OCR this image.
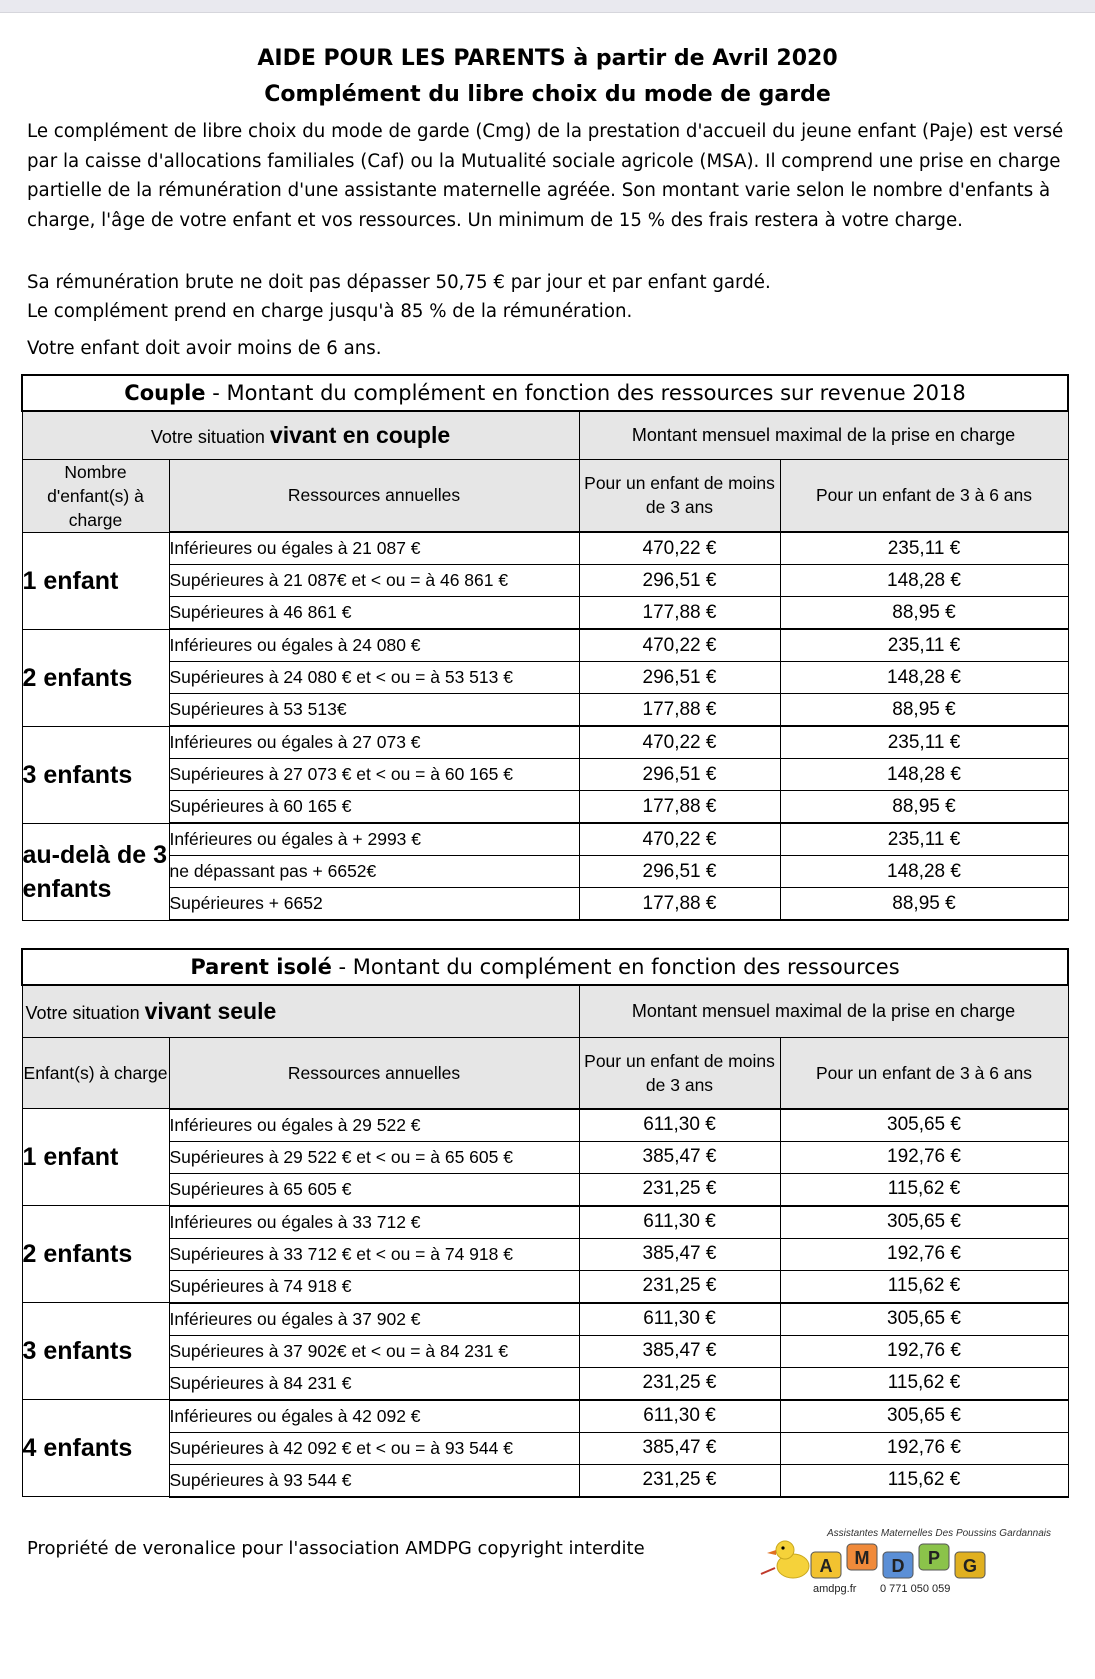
AIDE POUR LES PARENTS à partir de Avril 2020
Complément du libre choix du mode de garde

Le complément de libre choix du mode de garde (Cmg) de la prestation d'accueil du jeune enfant (Paje) est versé par la caisse d'allocations familiales (Caf) ou la Mutualité sociale agricole (MSA). Il comprend une prise en charge partielle de la rémunération d'une assistante maternelle agréée. Son montant varie selon le nombre d'enfants à charge, l'âge de votre enfant et vos ressources. Un minimum de 15 % des frais restera à votre charge.

Sa rémunération brute ne doit pas dépasser 50,75 € par jour et par enfant gardé.
Le complément prend en charge jusqu'à 85 % de la rémunération.
Votre enfant doit avoir moins de 6 ans.
Couple - Montant du complément en fonction des ressources sur revenue 2018			
Votre situation vivant en couple		Montant mensuel maximal de la prise en charge	
Nombre d'enfant(s) à charge	Ressources annuelles	Pour un enfant de moins de 3 ans	Pour un enfant de 3 à 6 ans
1 enfant	Inférieures ou égales à 21 087 €	470,22 €	235,11 €
	Supérieures à 21 087€ et < ou = à 46 861 €	296,51 €	148,28 €
	Supérieures à 46 861 €	177,88 €	88,95 €
2 enfants	Inférieures ou égales à 24 080 €	470,22 €	235,11 €
	Supérieures à 24 080 € et < ou = à 53 513 €	296,51 €	148,28 €
	Supérieures à 53 513€	177,88 €	88,95 €
3 enfants	Inférieures ou égales à 27 073 €	470,22 €	235,11 €
	Supérieures à 27 073 € et < ou = à 60 165 €	296,51 €	148,28 €
	Supérieures à 60 165 €	177,88 €	88,95 €
au-delà de 3 enfants	Inférieures ou égales à + 2993 €	470,22 €	235,11 €
	ne dépassant pas + 6652€	296,51 €	148,28 €
	Supérieures + 6652	177,88 €	88,95 €
Parent isolé - Montant du complément en fonction des ressources			
Votre situation vivant seule		Montant mensuel maximal de la prise en charge	
Enfant(s) à charge	Ressources annuelles	Pour un enfant de moins de 3 ans	Pour un enfant de 3 à 6 ans
1 enfant	Inférieures ou égales à 29 522 €	611,30 €	305,65 €
	Supérieures à 29 522 € et < ou = à 65 605 €	385,47 €	192,76 €
	Supérieures à 65 605 €	231,25 €	115,62 €
2 enfants	Inférieures ou égales à 33 712 €	611,30 €	305,65 €
	Supérieures à 33 712 € et < ou = à 74 918 €	385,47 €	192,76 €
	Supérieures à 74 918 €	231,25 €	115,62 €
3 enfants	Inférieures ou égales à 37 902 €	611,30 €	305,65 €
	Supérieures à 37 902€ et < ou = à 84 231 €	385,47 €	192,76 €
	Supérieures à 84 231 €	231,25 €	115,62 €
4 enfants	Inférieures ou égales à 42 092 €	611,30 €	305,65 €
	Supérieures à 42 092 € et < ou = à 93 544 €	385,47 €	192,76 €
	Supérieures à 93 544 €	231,25 €	115,62 €
Propriété de veronalice pour l'association AMDPG copyright interdite
Assistantes Maternelles Des Poussins Gardannais
A M D P G
amdpg.fr 0 771 050 059
